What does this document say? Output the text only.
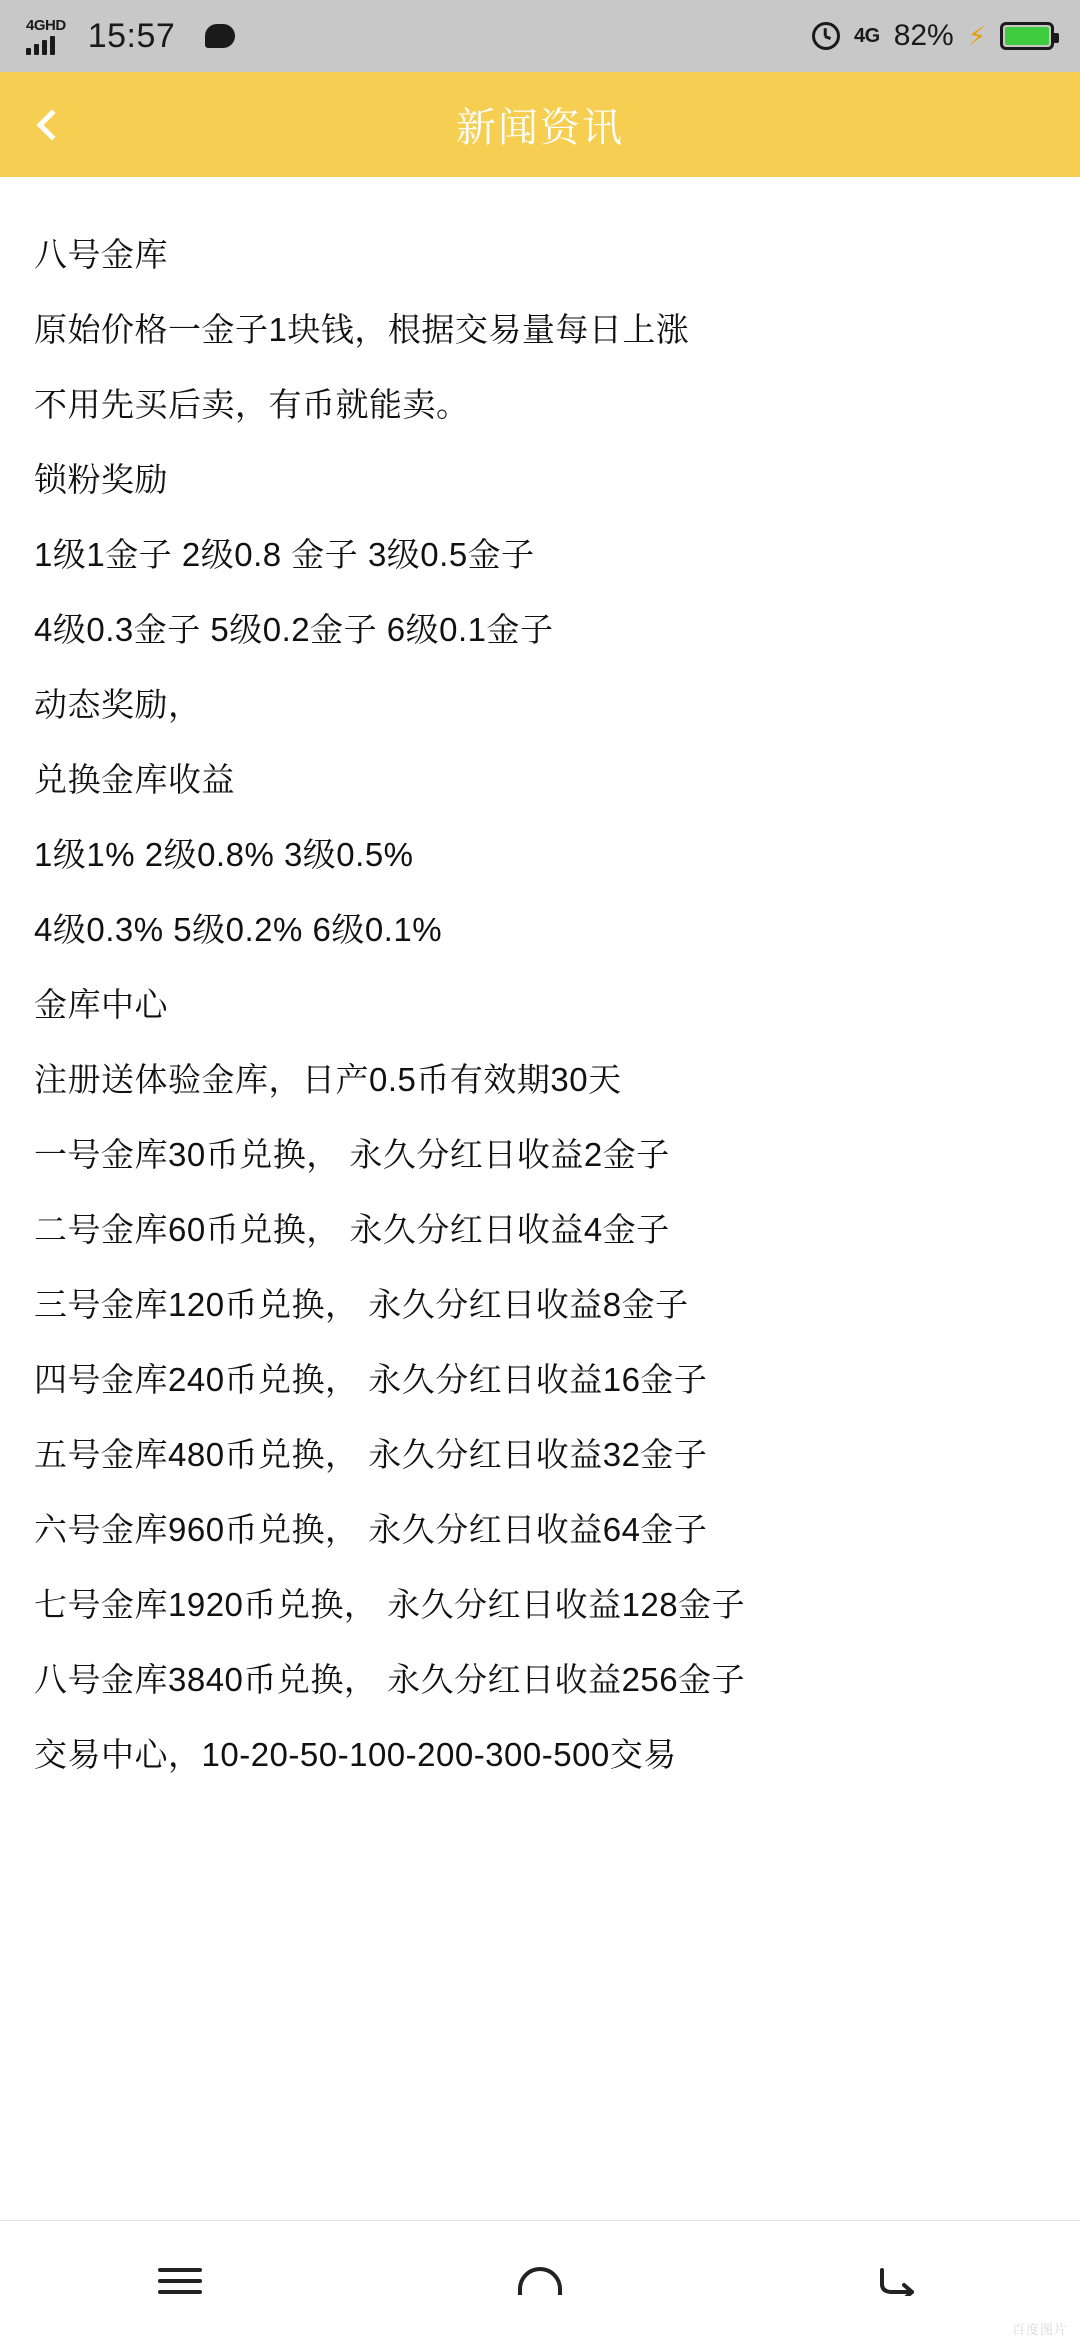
4GHD 15:57	4G 82% ⚡
新闻资讯
八号金库
原始价格一金子1块钱，根据交易量每日上涨
不用先买后卖，有币就能卖。
锁粉奖励
1级1金子 2级0.8 金子 3级0.5金子
4级0.3金子 5级0.2金子 6级0.1金子
动态奖励，
兑换金库收益
1级1% 2级0.8% 3级0.5%
4级0.3% 5级0.2% 6级0.1%
金库中心
注册送体验金库，日产0.5币有效期30天
一号金库30币兑换， 永久分红日收益2金子
二号金库60币兑换， 永久分红日收益4金子
三号金库120币兑换， 永久分红日收益8金子
四号金库240币兑换， 永久分红日收益16金子
五号金库480币兑换， 永久分红日收益32金子
六号金库960币兑换， 永久分红日收益64金子
七号金库1920币兑换， 永久分红日收益128金子
八号金库3840币兑换， 永久分红日收益256金子
交易中心，10-20-50-100-200-300-500交易
百度图片
